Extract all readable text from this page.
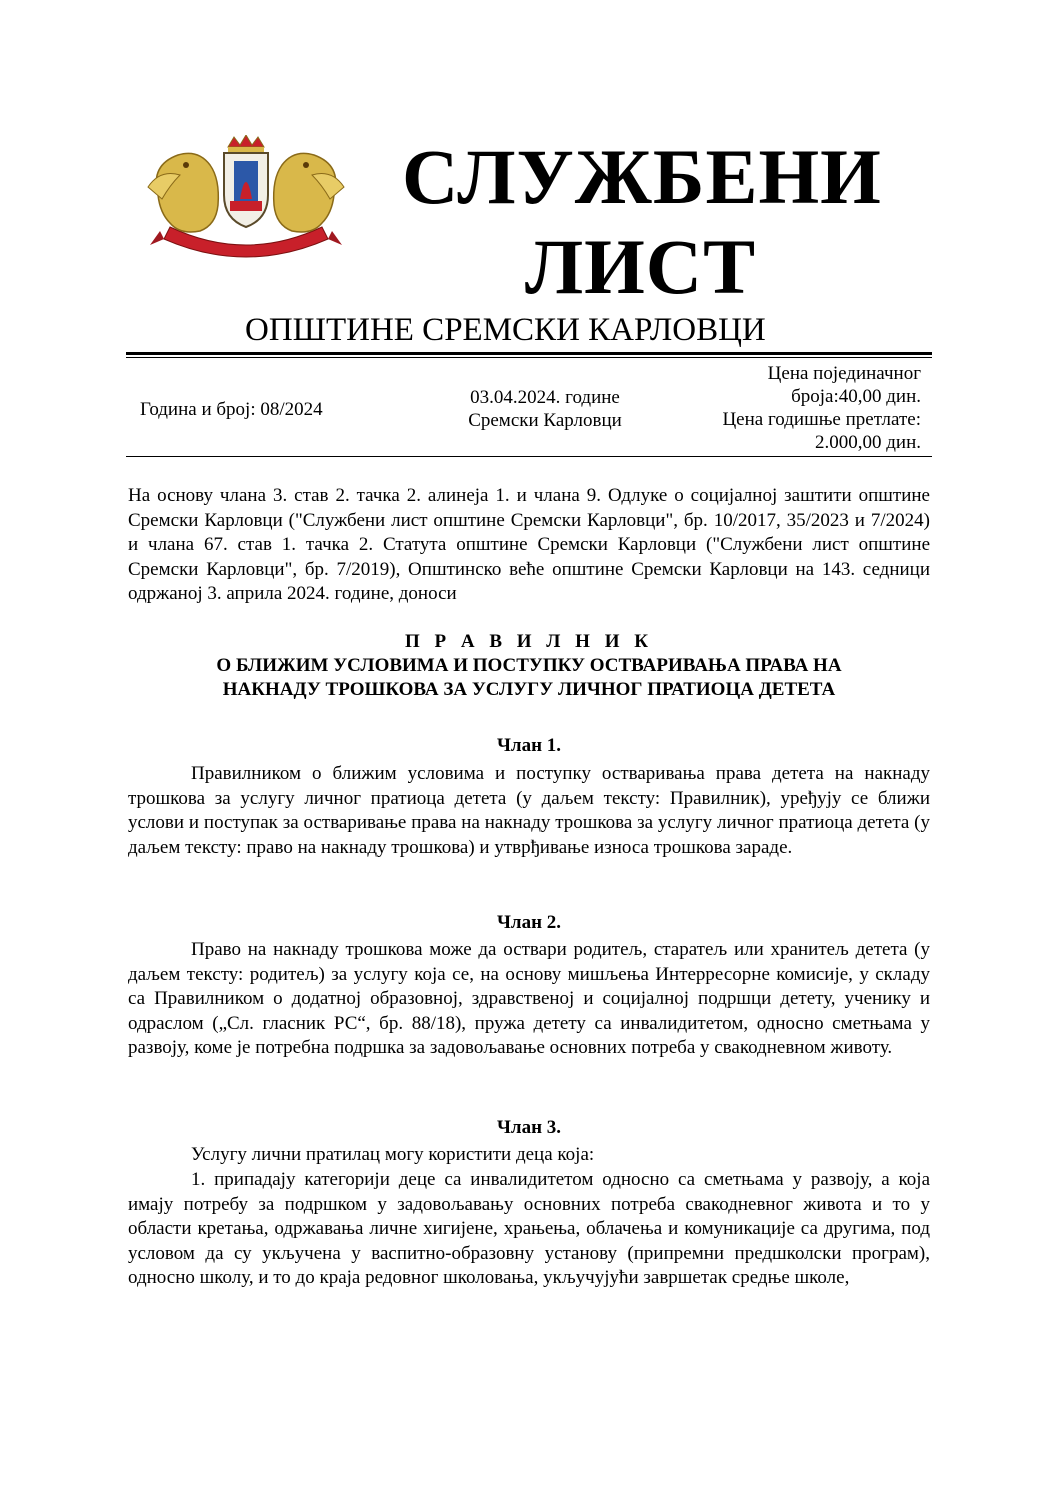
СЛУЖБЕНИ
ЛИСТ
ОПШТИНЕ СРЕМСКИ КАРЛОВЦИ
Година и број: 08/2024
03.04.2024. године
Сремски Карловци
Цена појединачног
броја:40,00 дин.
Цена годишње претлате:
2.000,00 дин.

На основу члана 3. став 2. тачка 2. алинеја 1. и члана 9. Одлуке о социјалној заштити општине Сремски Карловци ("Службени лист општине Сремски Карловци", бр. 10/2017, 35/2023 и 7/2024) и члана 67. став 1. тачка 2. Статута општине Сремски Карловци ("Службени лист општине Сремски Карловци", бр. 7/2019), Општинско веће општине Сремски Карловци на 143. седници одржаној 3. априла 2024. године, доноси

П Р А В И Л Н И К
О БЛИЖИМ УСЛОВИМА И ПОСТУПКУ ОСТВАРИВАЊА ПРАВА НА
НАКНАДУ ТРОШКОВА ЗА УСЛУГУ ЛИЧНОГ ПРАТИОЦА ДЕТЕТА
Члан 1.

Правилником о ближим условима и поступку остваривања права детета на накнаду трошкова за услугу личног пратиоца детета (у даљем тексту: Правилник), уређују се ближи услови и поступак за остваривање права на накнаду трошкова за услугу личног пратиоца детета (у даљем тексту: право на накнаду трошкова) и утврђивање износа трошкова зараде.

Члан 2.

Право на накнаду трошкова може да оствари родитељ, старатељ или хранитељ детета (у даљем тексту: родитељ) за услугу која се, на основу мишљења Интерресорне комисије, у складу са Правилником о додатној образовној, здравственој и социјалној подршци детету, ученику и одраслом („Сл. гласник РС“, бр. 88/18), пружа детету са инвалидитетом, односно сметњама у развоју, коме је потребна подршка за задовољавање основних потреба у свакодневном животу.

Члан 3.

Услугу лични пратилац могу користити деца која:

1. припадају категорији деце са инвалидитетом односно са сметњама у развоју, а која имају потребу за подршком у задовољавању основних потреба свакодневног живота и то у области кретања, одржавања личне хигијене, храњења, облачења и комуникације са другима, под условом да су укључена у васпитно-образовну установу (припремни предшколски програм), односно школу, и то до краја редовног школовања, укључујући завршетак средње школе,
